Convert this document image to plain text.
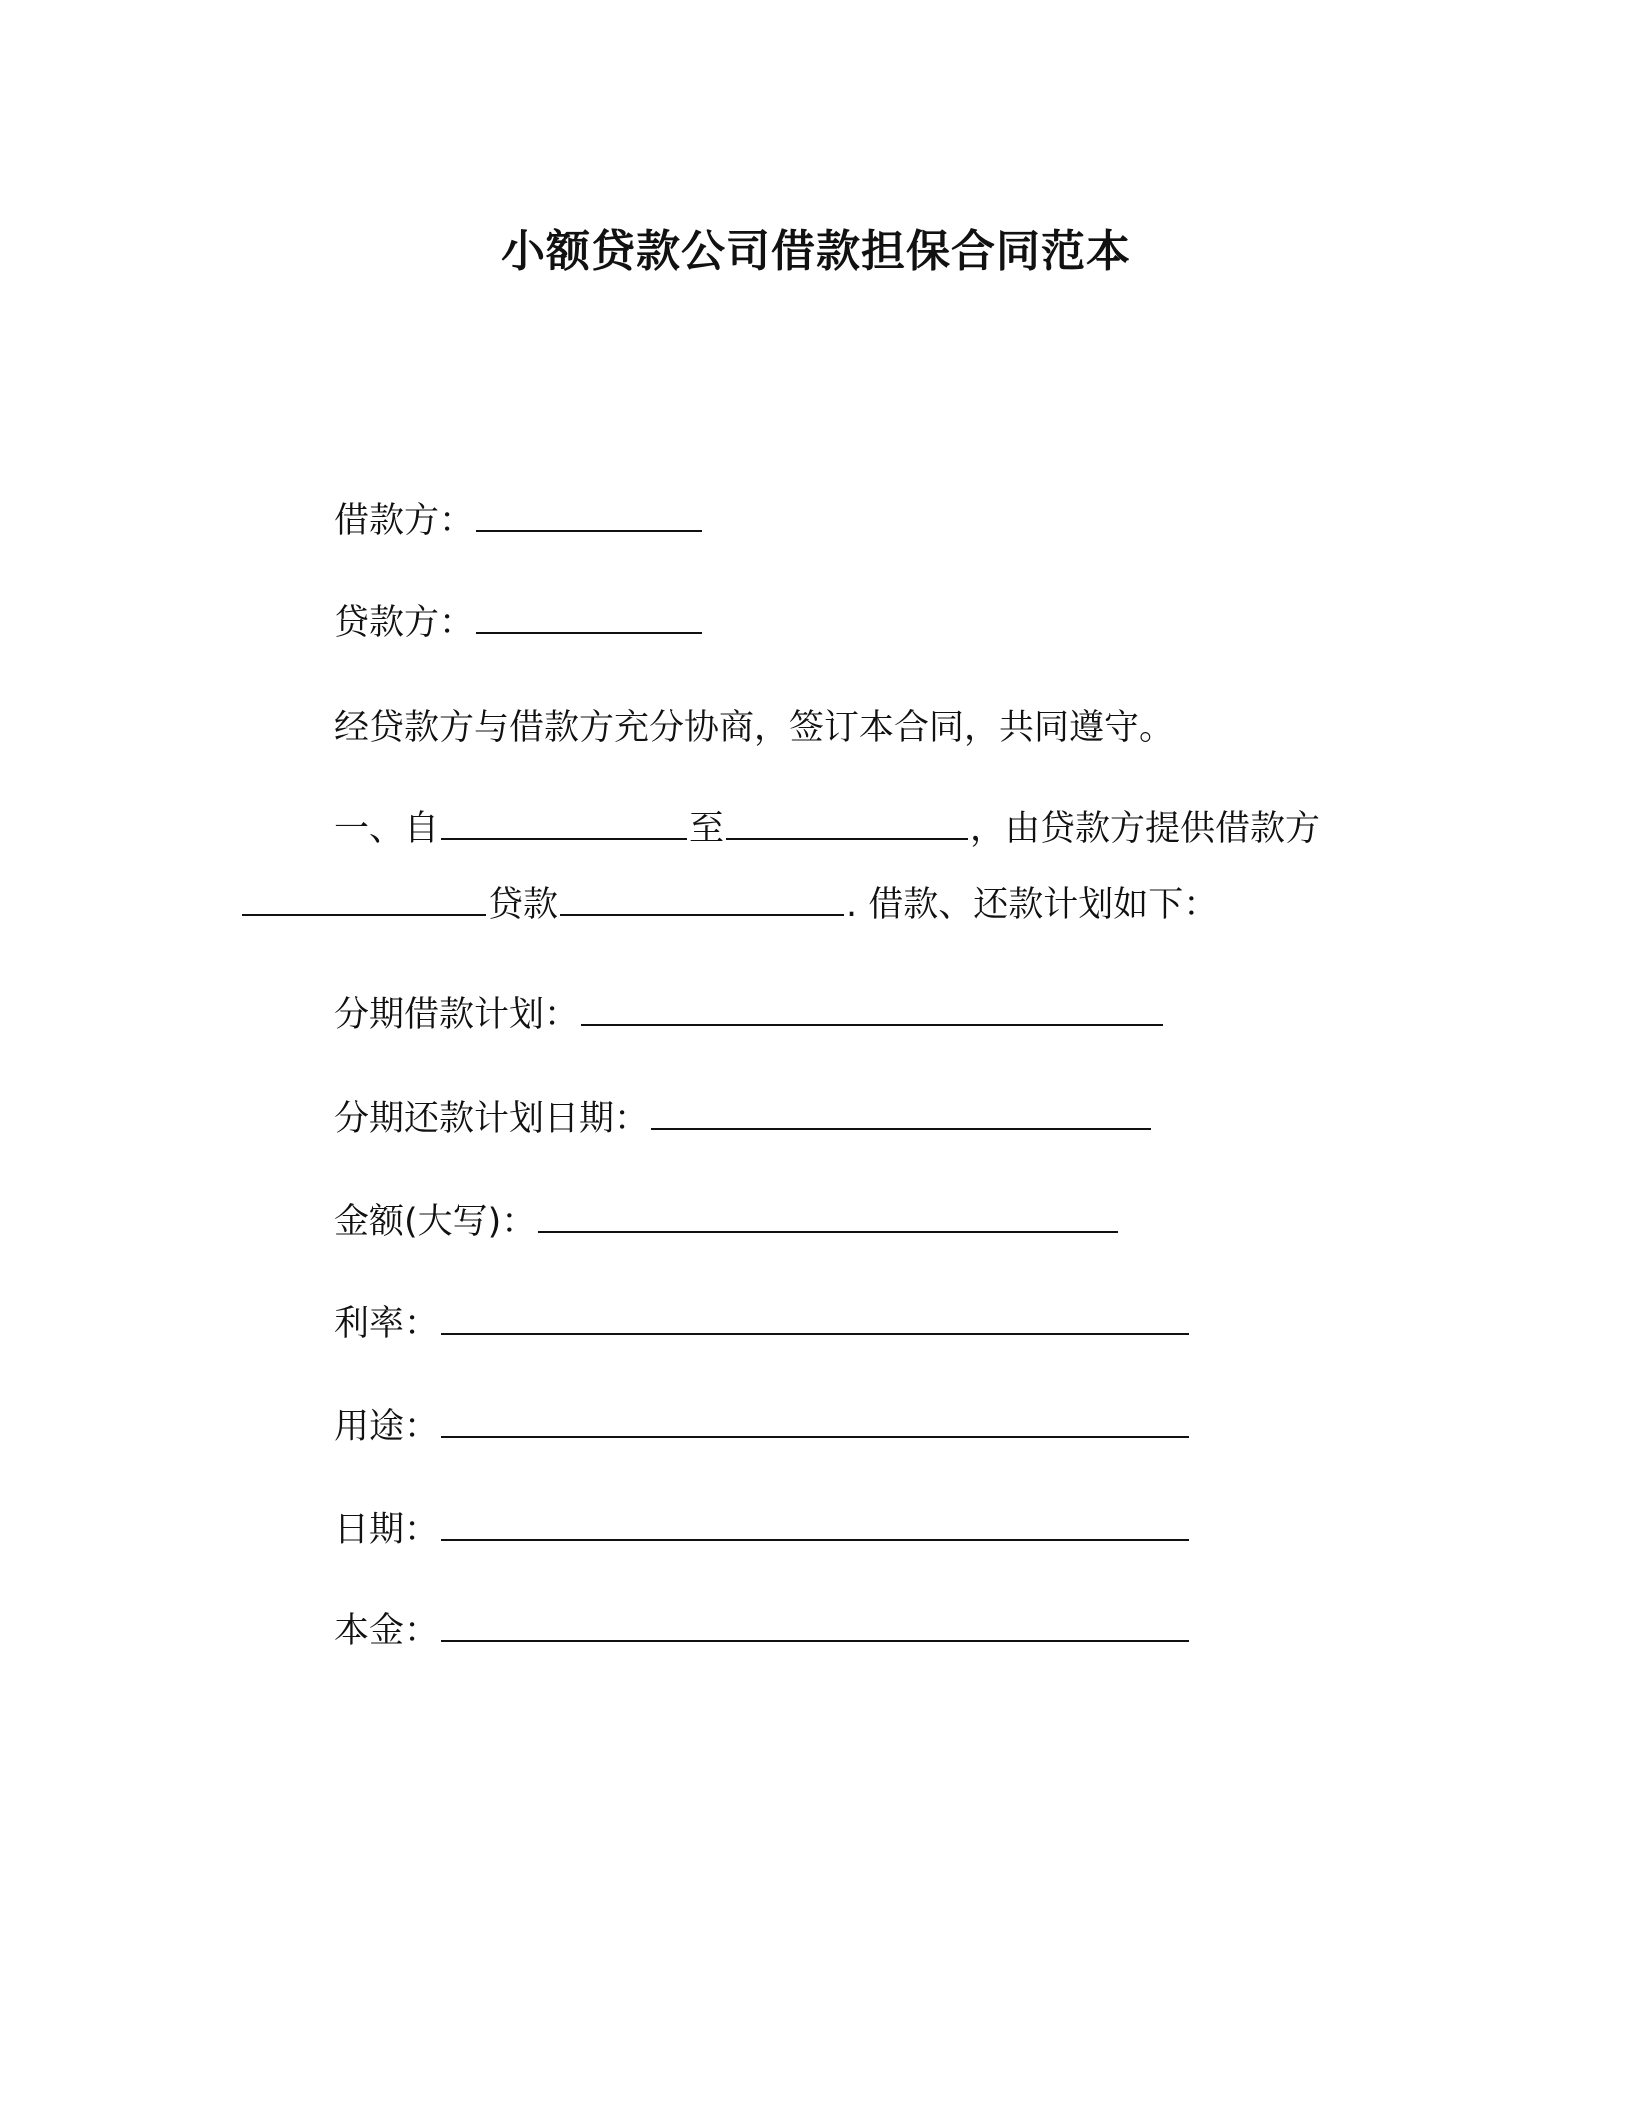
小额贷款公司借款担保合同范本
借款方：
贷款方：
经贷款方与借款方充分协商，签订本合同，共同遵守。
一、自	至	，由贷款方提供借款方
贷款	. 借款、还款计划如下：
分期借款计划：
分期还款计划日期：
金额(大写)：
利率：
用途：
日期：
本金：
